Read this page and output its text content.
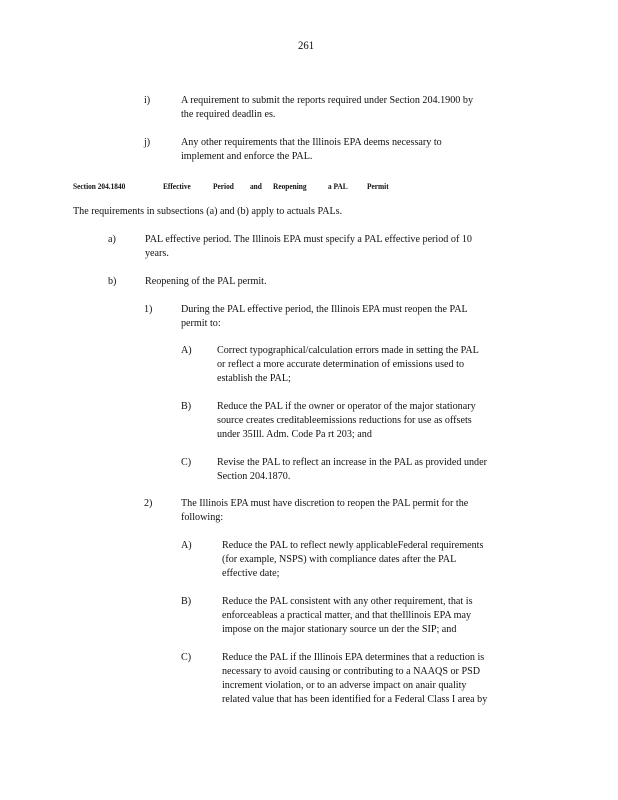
261
i)	A requirement to submit the reports required under Section 204.1900 by
the required deadlin es.
j)	Any other requirements that the Illinois EPA deems necessary to
implement and enforce the PAL.
Section 204.1840	Effective	Period and Reopening	a PAL Permit
The requirements in subsections (a) and (b) apply to actuals PALs.
a)	PAL effective period. The Illinois EPA must specify a PAL effective period of 10
years.
b)	Reopening of the PAL permit.
1)	During the PAL effective period, the Illinois EPA must reopen the PAL
permit to:
A) Correct typographical/calculation errors made in setting the PAL
or reflect a more accurate determination of emissions used to
establish the PAL;
B) Reduce the PAL if the owner or operator of the major stationary
source creates creditableemissions reductions for use as offsets
under 35Ill. Adm. Code Pa rt 203; and
C) Revise the PAL to reflect an increase in the PAL as provided under
Section 204.1870.
2)	The Illinois EPA must have discretion to reopen the PAL permit for the
following:
A)	Reduce the PAL to reflect newly applicableFederal requirements
(for example, NSPS) with compliance dates after the PAL
effective date;
B)	Reduce the PAL consistent with any other requirement, that is
enforceableas a practical matter, and that theIllinois EPA may
impose on the major stationary source un der the SIP; and
C)	Reduce the PAL if the Illinois EPA determines that a reduction is
necessary to avoid causing or contributing to a NAAQS or PSD
increment violation, or to an adverse impact on anair quality
related value that has been identified for a Federal Class I area by
